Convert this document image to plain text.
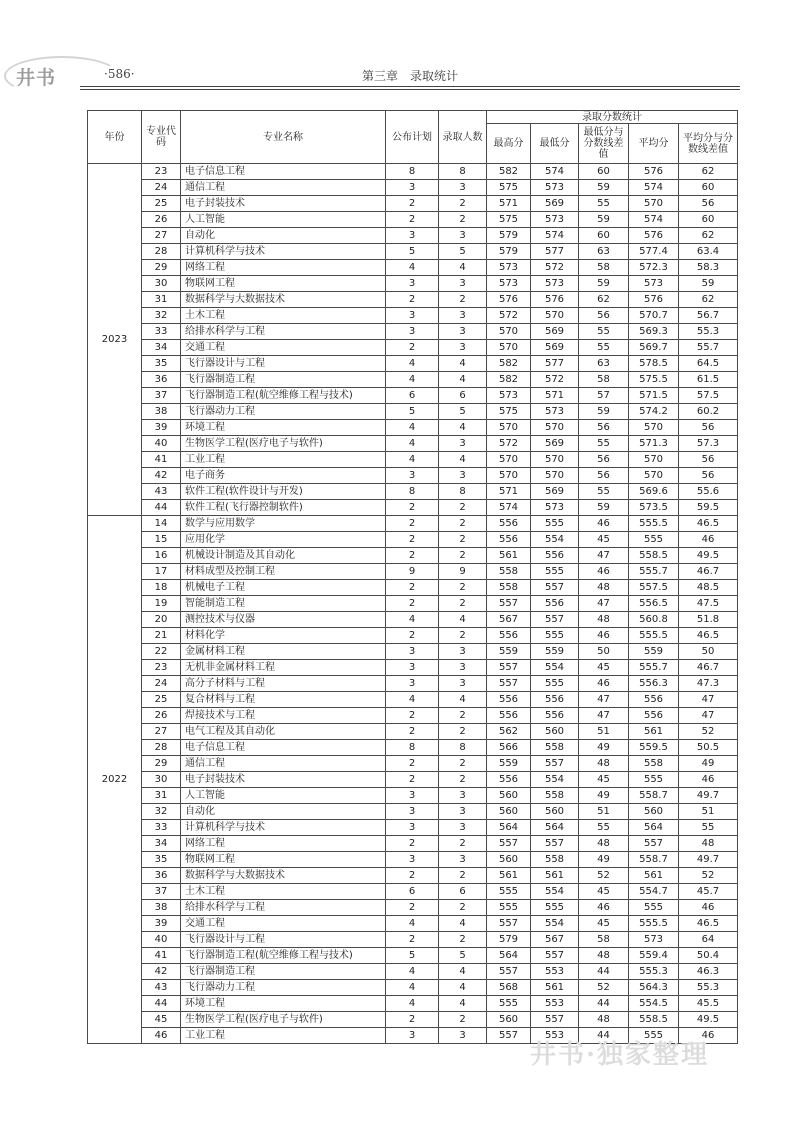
井书	·586·	第三章　录取统计
年份	专业代码	专业名称	公布计划	录取人数	录取分数统计				
					最高分	最低分	最低分与分数线差值	平均分	平均分与分数线差值
2023	23	电子信息工程	8	8	582	574	60	576	62
	24	通信工程	3	3	575	573	59	574	60
	25	电子封装技术	2	2	571	569	55	570	56
	26	人工智能	2	2	575	573	59	574	60
	27	自动化	3	3	579	574	60	576	62
	28	计算机科学与技术	5	5	579	577	63	577.4	63.4
	29	网络工程	4	4	573	572	58	572.3	58.3
	30	物联网工程	3	3	573	573	59	573	59
	31	数据科学与大数据技术	2	2	576	576	62	576	62
	32	土木工程	3	3	572	570	56	570.7	56.7
	33	给排水科学与工程	3	3	570	569	55	569.3	55.3
	34	交通工程	2	3	570	569	55	569.7	55.7
	35	飞行器设计与工程	4	4	582	577	63	578.5	64.5
	36	飞行器制造工程	4	4	582	572	58	575.5	61.5
	37	飞行器制造工程(航空维修工程与技术)	6	6	573	571	57	571.5	57.5
	38	飞行器动力工程	5	5	575	573	59	574.2	60.2
	39	环境工程	4	4	570	570	56	570	56
	40	生物医学工程(医疗电子与软件)	4	3	572	569	55	571.3	57.3
	41	工业工程	4	4	570	570	56	570	56
	42	电子商务	3	3	570	570	56	570	56
	43	软件工程(软件设计与开发)	8	8	571	569	55	569.6	55.6
	44	软件工程(飞行器控制软件)	2	2	574	573	59	573.5	59.5
2022	14	数学与应用数学	2	2	556	555	46	555.5	46.5
	15	应用化学	2	2	556	554	45	555	46
	16	机械设计制造及其自动化	2	2	561	556	47	558.5	49.5
	17	材料成型及控制工程	9	9	558	555	46	555.7	46.7
	18	机械电子工程	2	2	558	557	48	557.5	48.5
	19	智能制造工程	2	2	557	556	47	556.5	47.5
	20	测控技术与仪器	4	4	567	557	48	560.8	51.8
	21	材料化学	2	2	556	555	46	555.5	46.5
	22	金属材料工程	3	3	559	559	50	559	50
	23	无机非金属材料工程	3	3	557	554	45	555.7	46.7
	24	高分子材料与工程	3	3	557	555	46	556.3	47.3
	25	复合材料与工程	4	4	556	556	47	556	47
	26	焊接技术与工程	2	2	556	556	47	556	47
	27	电气工程及其自动化	2	2	562	560	51	561	52
	28	电子信息工程	8	8	566	558	49	559.5	50.5
	29	通信工程	2	2	559	557	48	558	49
	30	电子封装技术	2	2	556	554	45	555	46
	31	人工智能	3	3	560	558	49	558.7	49.7
	32	自动化	3	3	560	560	51	560	51
	33	计算机科学与技术	3	3	564	564	55	564	55
	34	网络工程	2	2	557	557	48	557	48
	35	物联网工程	3	3	560	558	49	558.7	49.7
	36	数据科学与大数据技术	2	2	561	561	52	561	52
	37	土木工程	6	6	555	554	45	554.7	45.7
	38	给排水科学与工程	2	2	555	555	46	555	46
	39	交通工程	4	4	557	554	45	555.5	46.5
	40	飞行器设计与工程	2	2	579	567	58	573	64
	41	飞行器制造工程(航空维修工程与技术)	5	5	564	557	48	559.4	50.4
	42	飞行器制造工程	4	4	557	553	44	555.3	46.3
	43	飞行器动力工程	4	4	568	561	52	564.3	55.3
	44	环境工程	4	4	555	553	44	554.5	45.5
	45	生物医学工程(医疗电子与软件)	2	2	560	557	48	558.5	49.5
	46	工业工程	3	3	557	553	44	555	46
井书·独家整理
